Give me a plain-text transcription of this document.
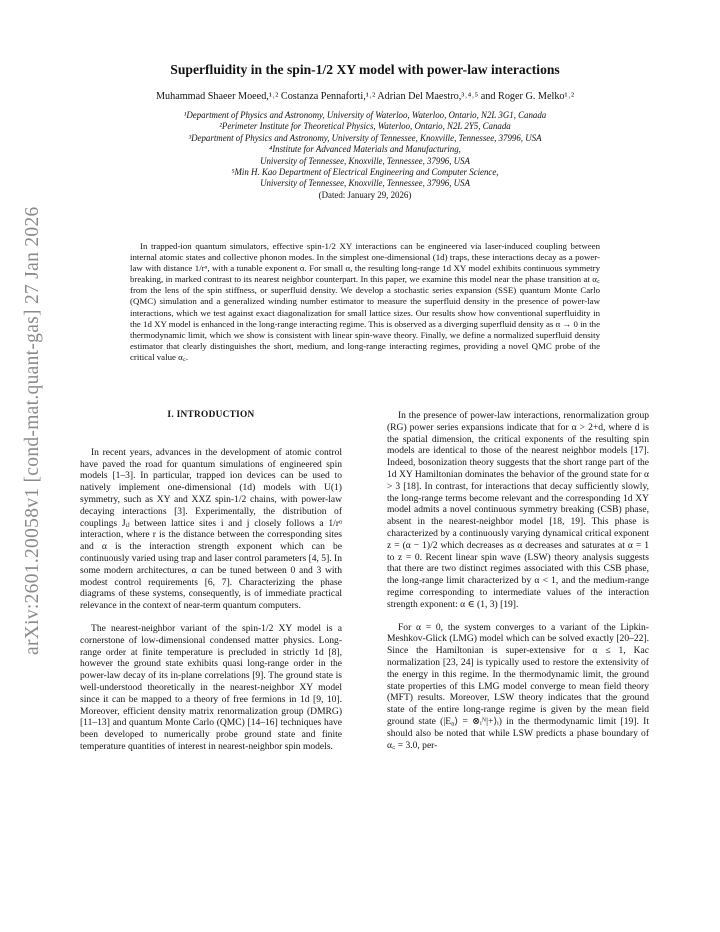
arXiv:2601.20058v1 [cond-mat.quant-gas] 27 Jan 2026
Superfluidity in the spin-1/2 XY model with power-law interactions
Muhammad Shaeer Moeed,¹˒² Costanza Pennaforti,¹˒² Adrian Del Maestro,³˒⁴˒⁵ and Roger G. Melko¹˒²
¹Department of Physics and Astronomy, University of Waterloo, Waterloo, Ontario, N2L 3G1, Canada
²Perimeter Institute for Theoretical Physics, Waterloo, Ontario, N2L 2Y5, Canada
³Department of Physics and Astronomy, University of Tennessee, Knoxville, Tennessee, 37996, USA
⁴Institute for Advanced Materials and Manufacturing,
University of Tennessee, Knoxville, Tennessee, 37996, USA
⁵Min H. Kao Department of Electrical Engineering and Computer Science,
University of Tennessee, Knoxville, Tennessee, 37996, USA
(Dated: January 29, 2026)
In trapped-ion quantum simulators, effective spin-1/2 XY interactions can be engineered via laser-induced coupling between internal atomic states and collective phonon modes. In the simplest one-dimensional (1d) traps, these interactions decay as a power-law with distance 1/rᵅ, with a tunable exponent α. For small α, the resulting long-range 1d XY model exhibits continuous symmetry breaking, in marked contrast to its nearest neighbor counterpart. In this paper, we examine this model near the phase transition at α꜀ from the lens of the spin stiffness, or superfluid density. We develop a stochastic series expansion (SSE) quantum Monte Carlo (QMC) simulation and a generalized winding number estimator to measure the superfluid density in the presence of power-law interactions, which we test against exact diagonalization for small lattice sizes. Our results show how conventional superfluidity in the 1d XY model is enhanced in the long-range interacting regime. This is observed as a diverging superfluid density as α → 0 in the thermodynamic limit, which we show is consistent with linear spin-wave theory. Finally, we define a normalized superfluid density estimator that clearly distinguishes the short, medium, and long-range interacting regimes, providing a novel QMC probe of the critical value α꜀.
I. INTRODUCTION

In recent years, advances in the development of atomic control have paved the road for quantum simulations of engineered spin models [1–3]. In particular, trapped ion devices can be used to natively implement one-dimensional (1d) models with U(1) symmetry, such as XY and XXZ spin-1/2 chains, with power-law decaying interactions [3]. Experimentally, the distribution of couplings Jᵢⱼ between lattice sites i and j closely follows a 1/rᵅ interaction, where r is the distance between the corresponding sites and α is the interaction strength exponent which can be continuously varied using trap and laser control parameters [4, 5]. In some modern architectures, α can be tuned between 0 and 3 with modest control requirements [6, 7]. Characterizing the phase diagrams of these systems, consequently, is of immediate practical relevance in the context of near-term quantum computers.

The nearest-neighbor variant of the spin-1/2 XY model is a cornerstone of low-dimensional condensed matter physics. Long-range order at finite temperature is precluded in strictly 1d [8], however the ground state exhibits quasi long-range order in the power-law decay of its in-plane correlations [9]. The ground state is well-understood theoretically in the nearest-neighbor XY model since it can be mapped to a theory of free fermions in 1d [9, 10]. Moreover, efficient density matrix renormalization group (DMRG) [11–13] and quantum Monte Carlo (QMC) [14–16] techniques have been developed to numerically probe ground state and finite temperature quantities of interest in nearest-neighbor spin models.

In the presence of power-law interactions, renormalization group (RG) power series expansions indicate that for α > 2+d, where d is the spatial dimension, the critical exponents of the resulting spin models are identical to those of the nearest neighbor models [17]. Indeed, bosonization theory suggests that the short range part of the 1d XY Hamiltonian dominates the behavior of the ground state for α > 3 [18]. In contrast, for interactions that decay sufficiently slowly, the long-range terms become relevant and the corresponding 1d XY model admits a novel continuous symmetry breaking (CSB) phase, absent in the nearest-neighbor model [18, 19]. This phase is characterized by a continuously varying dynamical critical exponent z = (α − 1)/2 which decreases as α decreases and saturates at α = 1 to z = 0. Recent linear spin wave (LSW) theory analysis suggests that there are two distinct regimes associated with this CSB phase, the long-range limit characterized by α < 1, and the medium-range regime corresponding to intermediate values of the interaction strength exponent: α ∈ (1, 3) [19].

For α = 0, the system converges to a variant of the Lipkin-Meshkov-Glick (LMG) model which can be solved exactly [20–22]. Since the Hamiltonian is super-extensive for α ≤ 1, Kac normalization [23, 24] is typically used to restore the extensivity of the energy in this regime. In the thermodynamic limit, the ground state properties of this LMG model converge to mean field theory (MFT) results. Moreover, LSW theory indicates that the ground state of the entire long-range regime is given by the mean field ground state (|E₀⟩ = ⊗ᵢᴺ|+⟩ᵢ) in the thermodynamic limit [19]. It should also be noted that while LSW predicts a phase boundary of α꜀ = 3.0, per-
